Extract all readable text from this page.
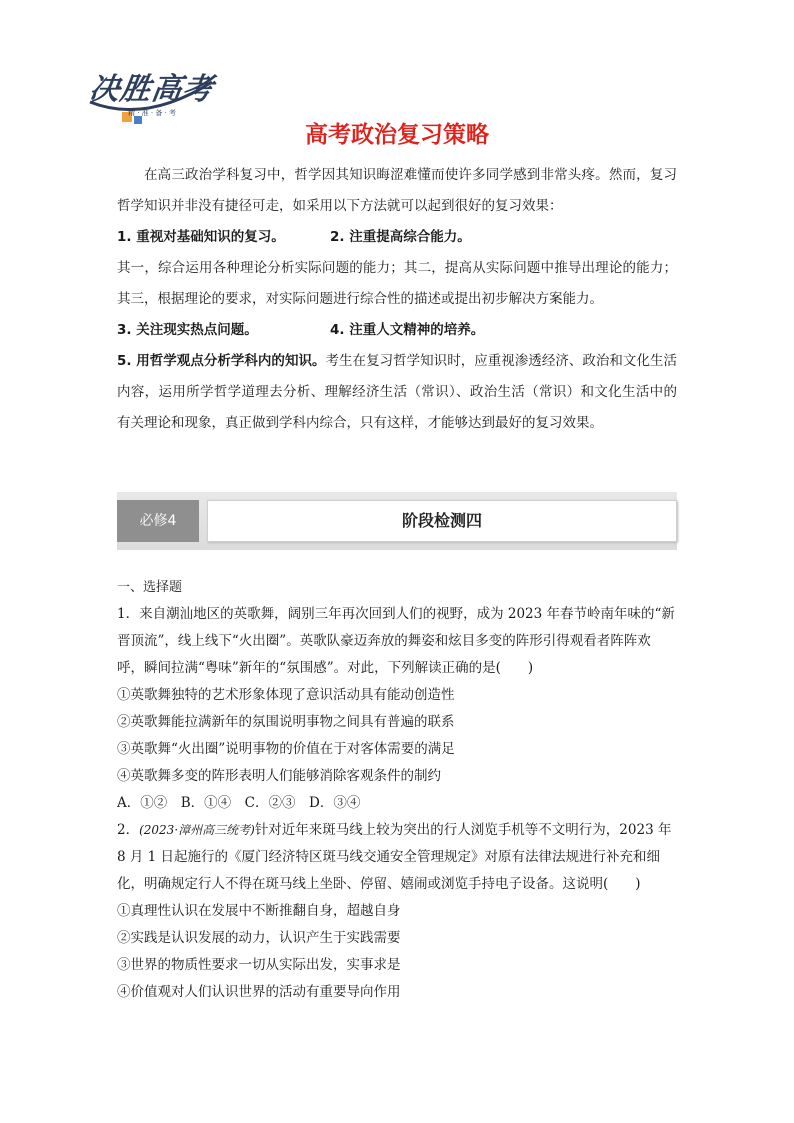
决胜高考
精 · 准 · 备 · 考
高考政治复习策略

在高三政治学科复习中，哲学因其知识晦涩难懂而使许多同学感到非常头疼。然而，复习哲学知识并非没有捷径可走，如采用以下方法就可以起到很好的复习效果：

1. 重视对基础知识的复习。	2. 注重提高综合能力。

其一，综合运用各种理论分析实际问题的能力；其二，提高从实际问题中推导出理论的能力；其三，根据理论的要求，对实际问题进行综合性的描述或提出初步解决方案能力。

3. 关注现实热点问题。	4. 注重人文精神的培养。

5. 用哲学观点分析学科内的知识。考生在复习哲学知识时，应重视渗透经济、政治和文化生活内容，运用所学哲学道理去分析、理解经济生活（常识）、政治生活（常识）和文化生活中的有关理论和现象，真正做到学科内综合，只有这样，才能够达到最好的复习效果。

必修4	阶段检测四
一、选择题
1．来自潮汕地区的英歌舞，阔别三年再次回到人们的视野，成为 2023 年春节岭南年味的“新晋顶流”，线上线下“火出圈”。英歌队豪迈奔放的舞姿和炫目多变的阵形引得观看者阵阵欢呼，瞬间拉满“粤味”新年的“氛围感”。对此，下列解读正确的是(　　)
①英歌舞独特的艺术形象体现了意识活动具有能动创造性
②英歌舞能拉满新年的氛围说明事物之间具有普遍的联系
③英歌舞“火出圈”说明事物的价值在于对客体需要的满足
④英歌舞多变的阵形表明人们能够消除客观条件的制约
A．①②　B．①④　C．②③　D．③④
2．(2023·漳州高三统考)针对近年来斑马线上较为突出的行人浏览手机等不文明行为，2023 年 8 月 1 日起施行的《厦门经济特区斑马线交通安全管理规定》对原有法律法规进行补充和细化，明确规定行人不得在斑马线上坐卧、停留、嬉闹或浏览手持电子设备。这说明(　　)
①真理性认识在发展中不断推翻自身，超越自身
②实践是认识发展的动力，认识产生于实践需要
③世界的物质性要求一切从实际出发，实事求是
④价值观对人们认识世界的活动有重要导向作用
